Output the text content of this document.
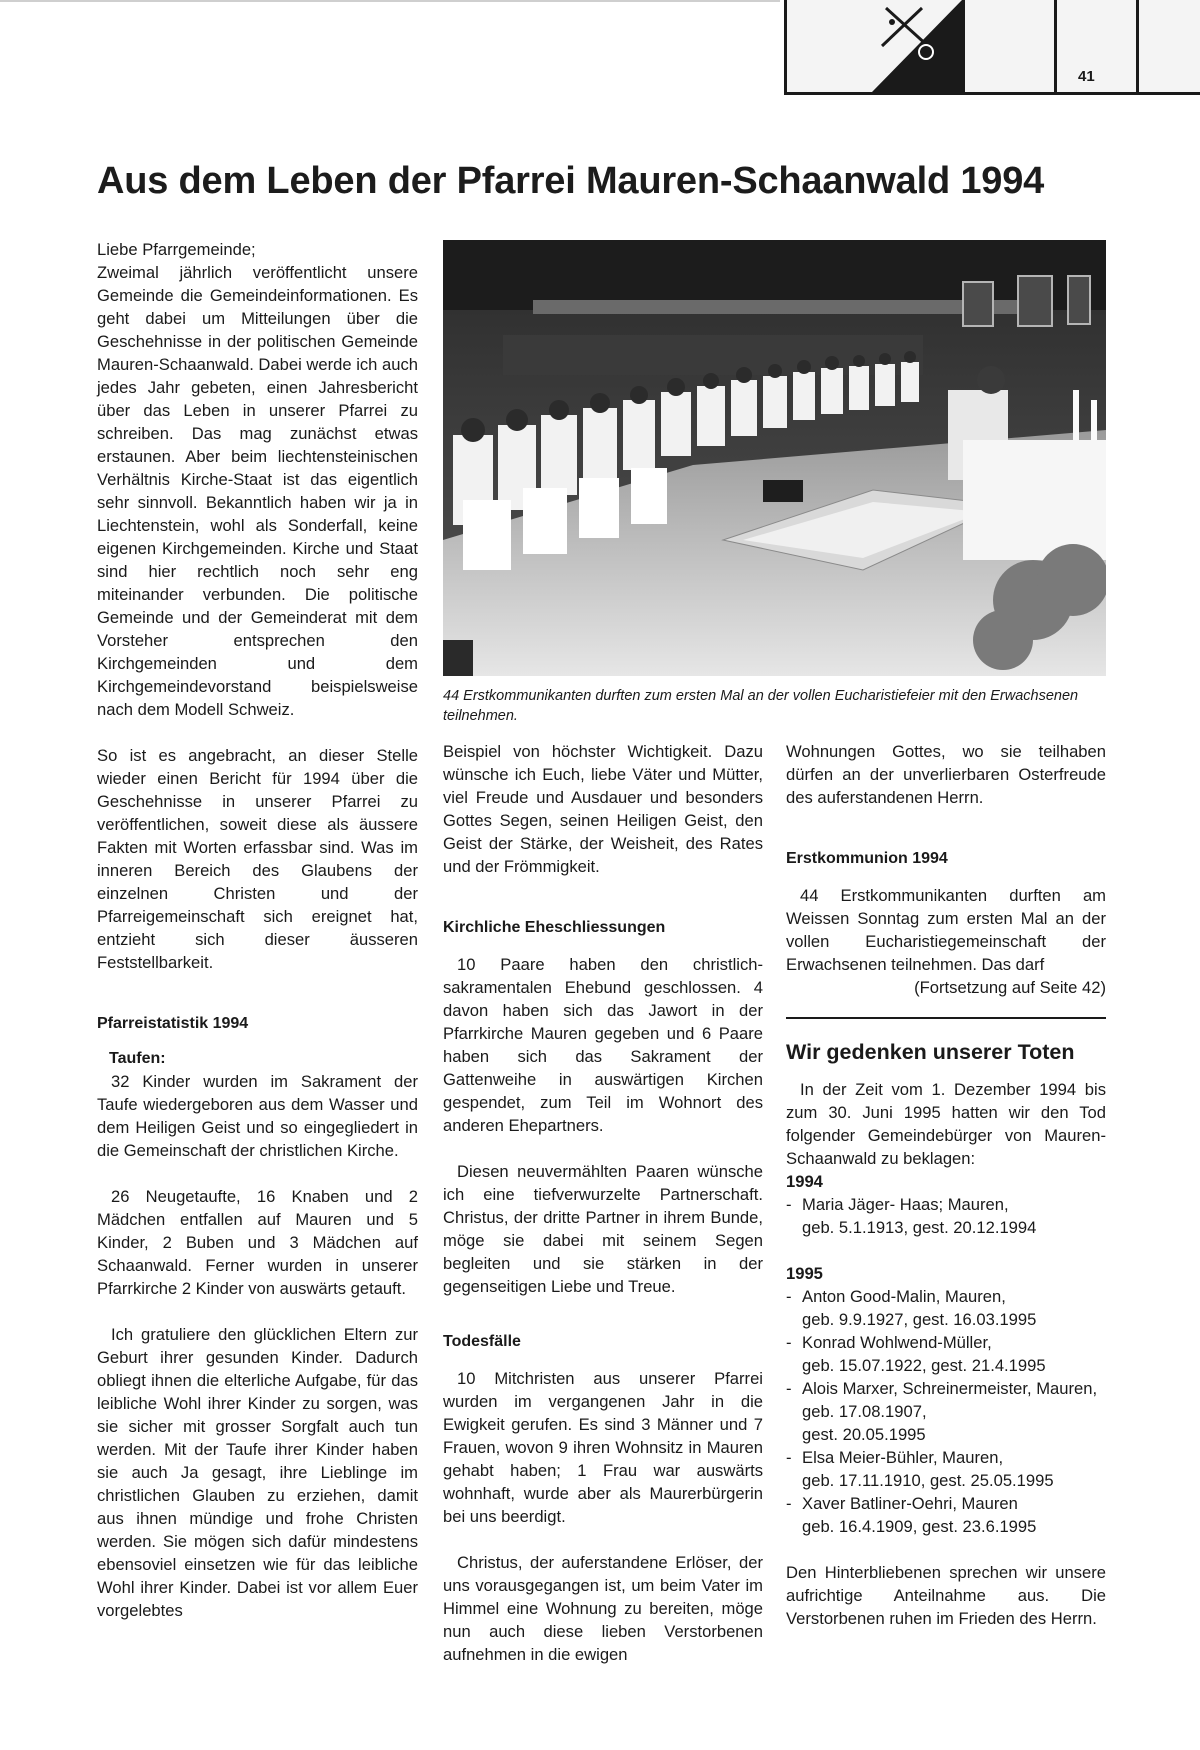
41
Aus dem Leben der Pfarrei Mauren-Schaanwald 1994

44 Erstkommunikanten durften zum ersten Mal an der vollen Eucharistiefeier mit den Erwachsenen teilnehmen.

Liebe Pfarrgemeinde;

Zweimal jährlich veröffentlicht unsere Gemeinde die Gemeindeinformationen. Es geht dabei um Mitteilungen über die Geschehnisse in der politischen Gemeinde Mauren-Schaanwald. Dabei werde ich auch jedes Jahr gebeten, einen Jahresbericht über das Leben in unserer Pfarrei zu schreiben. Das mag zunächst etwas erstaunen. Aber beim liechtensteinischen Verhältnis Kirche-Staat ist das eigentlich sehr sinnvoll. Bekanntlich haben wir ja in Liechtenstein, wohl als Sonderfall, keine eigenen Kirchgemeinden. Kirche und Staat sind hier rechtlich noch sehr eng miteinander verbunden. Die politische Gemeinde und der Gemeinderat mit dem Vorsteher entsprechen den Kirchgemeinden und dem Kirchgemeindevorstand beispielsweise nach dem Modell Schweiz.

So ist es angebracht, an dieser Stelle wieder einen Bericht für 1994 über die Geschehnisse in unserer Pfarrei zu veröffentlichen, soweit diese als äussere Fakten mit Worten erfassbar sind. Was im inneren Bereich des Glaubens der einzelnen Christen und der Pfarreigemeinschaft sich ereignet hat, entzieht sich dieser äusseren Feststellbarkeit.

Pfarreistatistik 1994

Taufen:

32 Kinder wurden im Sakrament der Taufe wiedergeboren aus dem Wasser und dem Heiligen Geist und so eingegliedert in die Gemeinschaft der christlichen Kirche.

26 Neugetaufte, 16 Knaben und 2 Mädchen entfallen auf Mauren und 5 Kinder, 2 Buben und 3 Mädchen auf Schaanwald. Ferner wurden in unserer Pfarrkirche 2 Kinder von auswärts getauft.

Ich gratuliere den glücklichen Eltern zur Geburt ihrer gesunden Kinder. Dadurch obliegt ihnen die elterliche Aufgabe, für das leibliche Wohl ihrer Kinder zu sorgen, was sie sicher mit grosser Sorgfalt auch tun werden. Mit der Taufe ihrer Kinder haben sie auch Ja gesagt, ihre Lieblinge im christlichen Glauben zu erziehen, damit aus ihnen mündige und frohe Christen werden. Sie mögen sich dafür mindestens ebensoviel einsetzen wie für das leibliche Wohl ihrer Kinder. Dabei ist vor allem Euer vorgelebtes

Beispiel von höchster Wichtigkeit. Dazu wünsche ich Euch, liebe Väter und Mütter, viel Freude und Ausdauer und besonders Gottes Segen, seinen Heiligen Geist, den Geist der Stärke, der Weisheit, des Rates und der Frömmigkeit.

Kirchliche Eheschliessungen

10 Paare haben den christlich-sakramentalen Ehebund geschlossen. 4 davon haben sich das Jawort in der Pfarrkirche Mauren gegeben und 6 Paare haben sich das Sakrament der Gattenweihe in auswärtigen Kirchen gespendet, zum Teil im Wohnort des anderen Ehepartners.

Diesen neuvermählten Paaren wünsche ich eine tiefverwurzelte Partnerschaft. Christus, der dritte Partner in ihrem Bunde, möge sie dabei mit seinem Segen begleiten und sie stärken in der gegenseitigen Liebe und Treue.

Todesfälle

10 Mitchristen aus unserer Pfarrei wurden im vergangenen Jahr in die Ewigkeit gerufen. Es sind 3 Männer und 7 Frauen, wovon 9 ihren Wohnsitz in Mauren gehabt haben; 1 Frau war auswärts wohnhaft, wurde aber als Maurerbürgerin bei uns beerdigt.

Christus, der auferstandene Erlöser, der uns vorausgegangen ist, um beim Vater im Himmel eine Wohnung zu bereiten, möge nun auch diese lieben Verstorbenen aufnehmen in die ewigen

Wohnungen Gottes, wo sie teilhaben dürfen an der unverlierbaren Osterfreude des auferstandenen Herrn.

Erstkommunion 1994

44 Erstkommunikanten durften am Weissen Sonntag zum ersten Mal an der vollen Eucharistiegemeinschaft der Erwachsenen teilnehmen. Das darf

(Fortsetzung auf Seite 42)

Wir gedenken unserer Toten

In der Zeit vom 1. Dezember 1994 bis zum 30. Juni 1995 hatten wir den Tod folgender Gemeindebürger von Mauren-Schaanwald zu beklagen:

1994

- Maria Jäger- Haas; Mauren,
geb. 5.1.1913, gest. 20.12.1994

1995

- Anton Good-Malin, Mauren,
geb. 9.9.1927, gest. 16.03.1995
- Konrad Wohlwend-Müller,
geb. 15.07.1922, gest. 21.4.1995
- Alois Marxer, Schreinermeister, Mauren, geb. 17.08.1907,
gest. 20.05.1995
- Elsa Meier-Bühler, Mauren,
geb. 17.11.1910, gest. 25.05.1995
- Xaver Batliner-Oehri, Mauren
geb. 16.4.1909, gest. 23.6.1995

Den Hinterbliebenen sprechen wir unsere aufrichtige Anteilnahme aus. Die Verstorbenen ruhen im Frieden des Herrn.
